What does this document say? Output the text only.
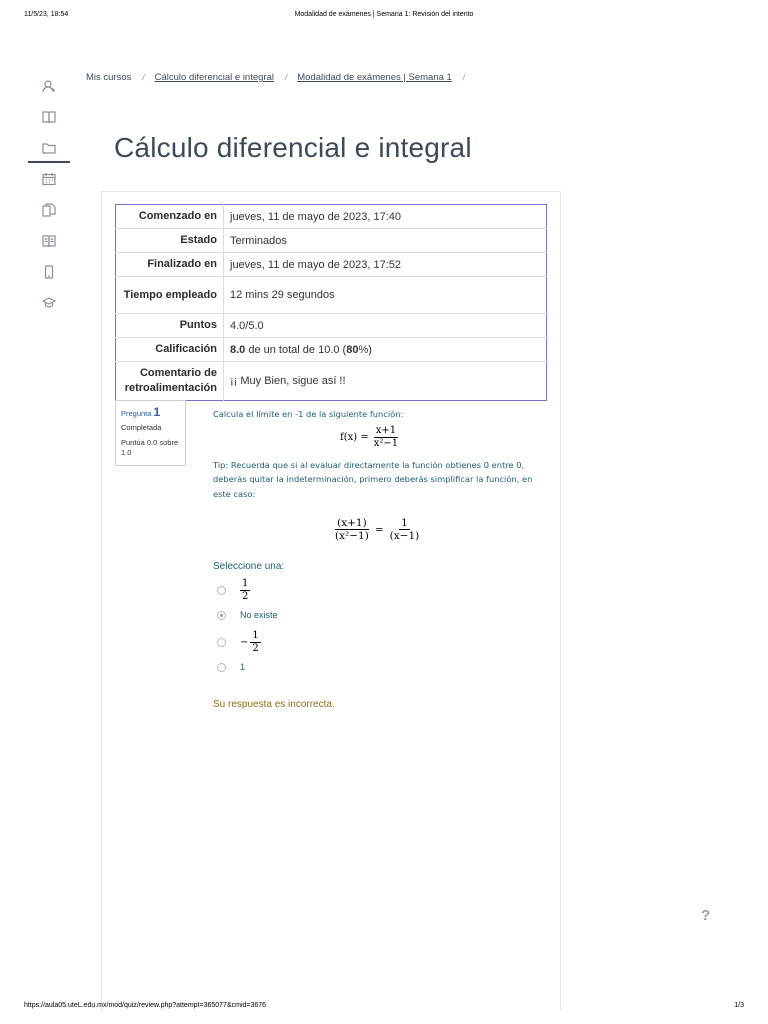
11/5/23, 18:54	Modalidad de exámenes | Semana 1: Revisión del intento
Mis cursos / Cálculo diferencial e integral / Modalidad de exámenes | Semana 1 /
Cálculo diferencial e integral
Comenzado en	jueves, 11 de mayo de 2023, 17:40
Estado	Terminados
Finalizado en	jueves, 11 de mayo de 2023, 17:52
Tiempo empleado	12 mins 29 segundos
Puntos	4.0/5.0
Calificación	8.0 de un total de 10.0 (80%)
Comentario de retroalimentación	¡¡ Muy Bien, sigue así !!
Pregunta 1
Completada
Puntúa 0.0 sobre 1.0
Calcula el límite en -1 de la siguiente función:
$f(x) = \frac{x+1}{\text{x²−1}}$
Tip: Recuerda que si al evaluar directamente la función obtienes 0 entre 0, deberás quitar la indeterminación, primero deberás simplificar la función, en este caso:
$\frac{(x+1)}{\text{(x²−1)}} = \frac{1}{(x-1)}$
Seleccione una:
$\frac{1}{2}$
No existe
− $\frac{1}{2}$
1
Su respuesta es incorrecta.
?
https://aula05.uteL.edu.mx/mod/quiz/review.php?attempt=365077&cmid=3676	1/3
